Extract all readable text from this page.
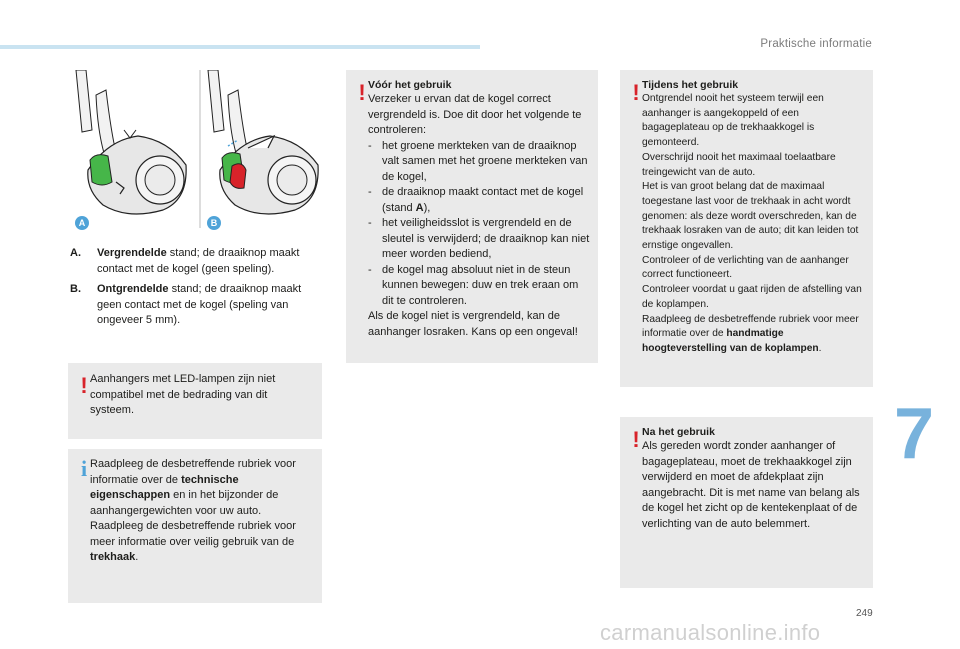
Praktische informatie
A	B
A.	Vergrendelde stand; de draaiknop maakt contact met de kogel (geen speling).
B.	Ontgrendelde stand; de draaiknop maakt geen contact met de kogel (speling van ongeveer 5 mm).
! Aanhangers met LED-lampen zijn niet compatibel met de bedrading van dit systeem.

i Raadpleeg de desbetreffende rubriek voor informatie over de technische eigenschappen en in het bijzonder de aanhangergewichten voor uw auto.

Raadpleeg de desbetreffende rubriek voor meer informatie over veilig gebruik van de trekhaak.

! Vóór het gebruik

Verzeker u ervan dat de kogel correct vergrendeld is. Doe dit door het volgende te controleren:

- het groene merkteken van de draaiknop valt samen met het groene merkteken van de kogel,
- de draaiknop maakt contact met de kogel (stand A),
- het veiligheidsslot is vergrendeld en de sleutel is verwijderd; de draaiknop kan niet meer worden bediend,
- de kogel mag absoluut niet in de steun kunnen bewegen: duw en trek eraan om dit te controleren.

Als de kogel niet is vergrendeld, kan de aanhanger losraken. Kans op een ongeval!

! Tijdens het gebruik

Ontgrendel nooit het systeem terwijl een aanhanger is aangekoppeld of een bagageplateau op de trekhaakkogel is gemonteerd.

Overschrijd nooit het maximaal toelaatbare treingewicht van de auto.

Het is van groot belang dat de maximaal toegestane last voor de trekhaak in acht wordt genomen: als deze wordt overschreden, kan de trekhaak losraken van de auto; dit kan leiden tot ernstige ongevallen.

Controleer of de verlichting van de aanhanger correct functioneert.

Controleer voordat u gaat rijden de afstelling van de koplampen.

Raadpleeg de desbetreffende rubriek voor meer informatie over de handmatige hoogteverstelling van de koplampen.

! Na het gebruik

Als gereden wordt zonder aanhanger of bagageplateau, moet de trekhaakkogel zijn verwijderd en moet de afdekplaat zijn aangebracht. Dit is met name van belang als de kogel het zicht op de kentekenplaat of de verlichting van de auto belemmert.

7
249
carmanualsonline.info
